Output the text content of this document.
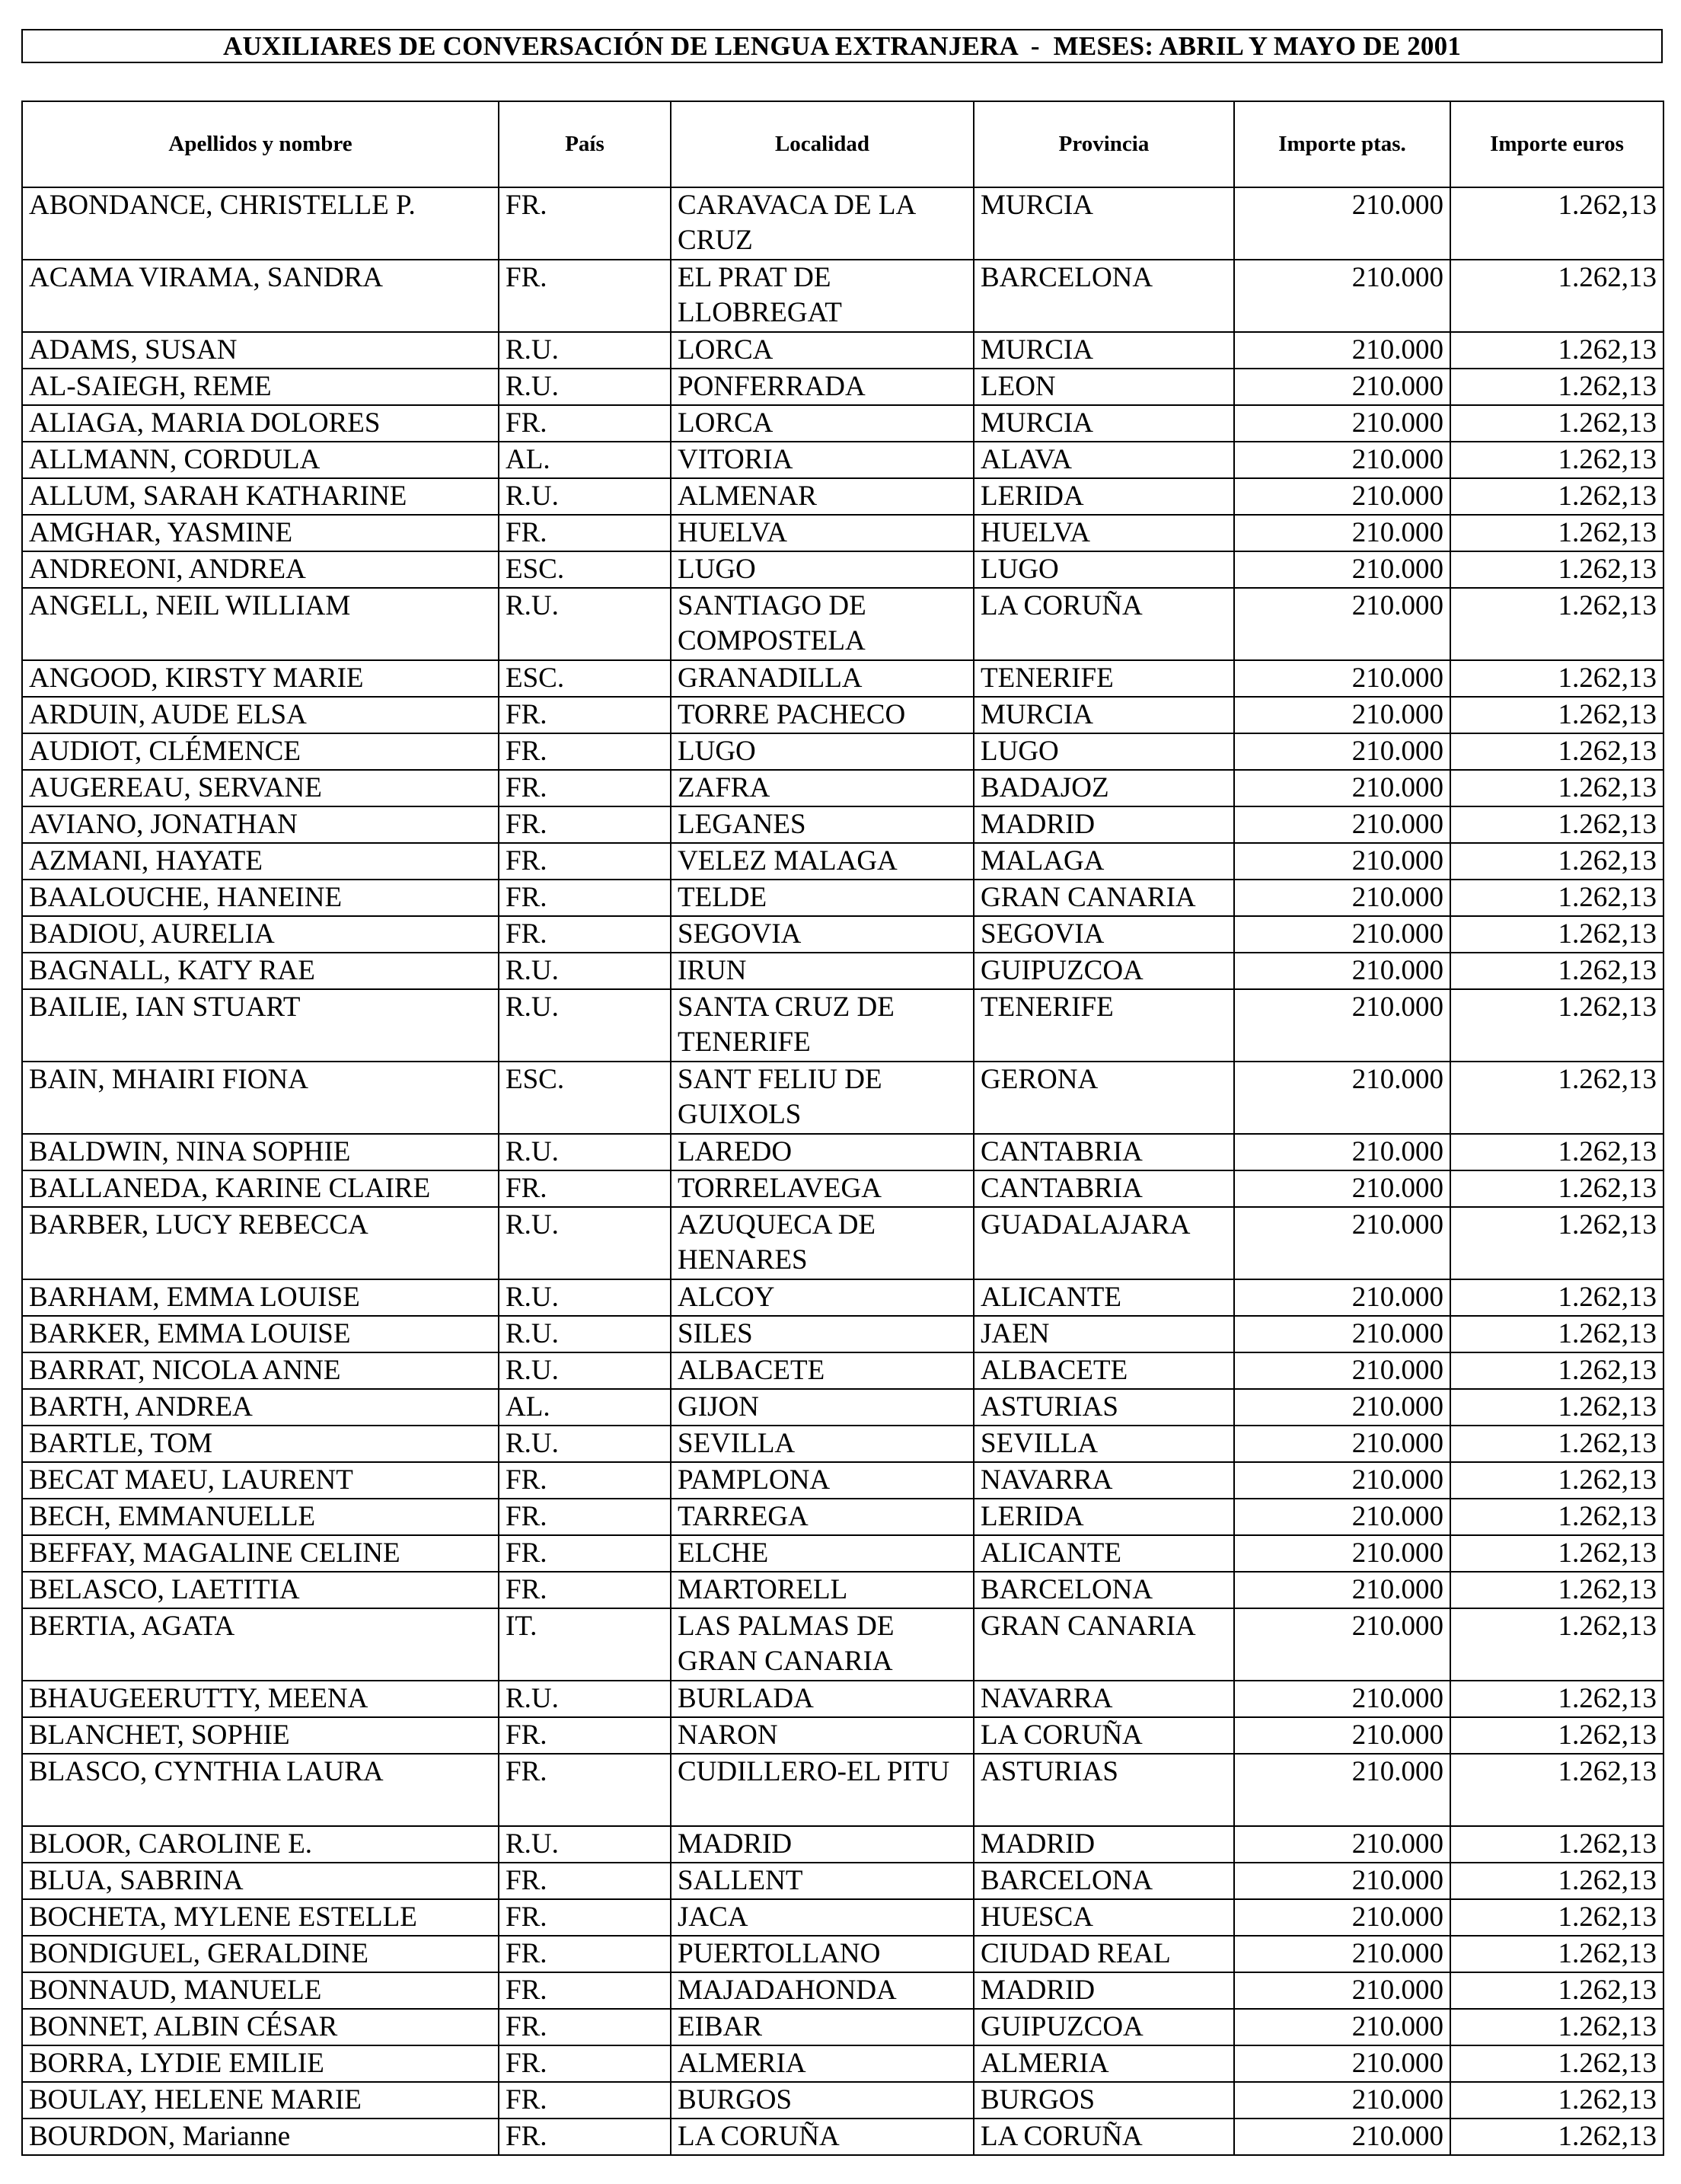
AUXILIARES DE CONVERSACIÓN DE LENGUA EXTRANJERA  -  MESES: ABRIL Y MAYO DE 2001
Apellidos y nombre	País	Localidad	Provincia	Importe ptas.	Importe euros
ABONDANCE, CHRISTELLE P.	FR.	CARAVACA DE LA CRUZ	MURCIA	210.000	1.262,13
ACAMA VIRAMA, SANDRA	FR.	EL PRAT DE LLOBREGAT	BARCELONA	210.000	1.262,13
ADAMS, SUSAN	R.U.	LORCA	MURCIA	210.000	1.262,13
AL-SAIEGH, REME	R.U.	PONFERRADA	LEON	210.000	1.262,13
ALIAGA, MARIA DOLORES	FR.	LORCA	MURCIA	210.000	1.262,13
ALLMANN, CORDULA	AL.	VITORIA	ALAVA	210.000	1.262,13
ALLUM, SARAH KATHARINE	R.U.	ALMENAR	LERIDA	210.000	1.262,13
AMGHAR, YASMINE	FR.	HUELVA	HUELVA	210.000	1.262,13
ANDREONI, ANDREA	ESC.	LUGO	LUGO	210.000	1.262,13
ANGELL, NEIL WILLIAM	R.U.	SANTIAGO DE COMPOSTELA	LA CORUÑA	210.000	1.262,13
ANGOOD, KIRSTY MARIE	ESC.	GRANADILLA	TENERIFE	210.000	1.262,13
ARDUIN, AUDE ELSA	FR.	TORRE PACHECO	MURCIA	210.000	1.262,13
AUDIOT, CLÉMENCE	FR.	LUGO	LUGO	210.000	1.262,13
AUGEREAU, SERVANE	FR.	ZAFRA	BADAJOZ	210.000	1.262,13
AVIANO, JONATHAN	FR.	LEGANES	MADRID	210.000	1.262,13
AZMANI, HAYATE	FR.	VELEZ MALAGA	MALAGA	210.000	1.262,13
BAALOUCHE, HANEINE	FR.	TELDE	GRAN CANARIA	210.000	1.262,13
BADIOU, AURELIA	FR.	SEGOVIA	SEGOVIA	210.000	1.262,13
BAGNALL, KATY RAE	R.U.	IRUN	GUIPUZCOA	210.000	1.262,13
BAILIE, IAN STUART	R.U.	SANTA CRUZ DE TENERIFE	TENERIFE	210.000	1.262,13
BAIN, MHAIRI FIONA	ESC.	SANT FELIU DE GUIXOLS	GERONA	210.000	1.262,13
BALDWIN, NINA SOPHIE	R.U.	LAREDO	CANTABRIA	210.000	1.262,13
BALLANEDA, KARINE CLAIRE	FR.	TORRELAVEGA	CANTABRIA	210.000	1.262,13
BARBER, LUCY REBECCA	R.U.	AZUQUECA DE HENARES	GUADALAJARA	210.000	1.262,13
BARHAM, EMMA LOUISE	R.U.	ALCOY	ALICANTE	210.000	1.262,13
BARKER, EMMA LOUISE	R.U.	SILES	JAEN	210.000	1.262,13
BARRAT, NICOLA ANNE	R.U.	ALBACETE	ALBACETE	210.000	1.262,13
BARTH, ANDREA	AL.	GIJON	ASTURIAS	210.000	1.262,13
BARTLE, TOM	R.U.	SEVILLA	SEVILLA	210.000	1.262,13
BECAT MAEU, LAURENT	FR.	PAMPLONA	NAVARRA	210.000	1.262,13
BECH, EMMANUELLE	FR.	TARREGA	LERIDA	210.000	1.262,13
BEFFAY, MAGALINE CELINE	FR.	ELCHE	ALICANTE	210.000	1.262,13
BELASCO, LAETITIA	FR.	MARTORELL	BARCELONA	210.000	1.262,13
BERTIA, AGATA	IT.	LAS PALMAS DE GRAN CANARIA	GRAN CANARIA	210.000	1.262,13
BHAUGEERUTTY, MEENA	R.U.	BURLADA	NAVARRA	210.000	1.262,13
BLANCHET, SOPHIE	FR.	NARON	LA CORUÑA	210.000	1.262,13
BLASCO, CYNTHIA LAURA	FR.	CUDILLERO-EL PITU	ASTURIAS	210.000	1.262,13
BLOOR, CAROLINE E.	R.U.	MADRID	MADRID	210.000	1.262,13
BLUA, SABRINA	FR.	SALLENT	BARCELONA	210.000	1.262,13
BOCHETA, MYLENE ESTELLE	FR.	JACA	HUESCA	210.000	1.262,13
BONDIGUEL, GERALDINE	FR.	PUERTOLLANO	CIUDAD REAL	210.000	1.262,13
BONNAUD, MANUELE	FR.	MAJADAHONDA	MADRID	210.000	1.262,13
BONNET, ALBIN CÉSAR	FR.	EIBAR	GUIPUZCOA	210.000	1.262,13
BORRA, LYDIE EMILIE	FR.	ALMERIA	ALMERIA	210.000	1.262,13
BOULAY, HELENE MARIE	FR.	BURGOS	BURGOS	210.000	1.262,13
BOURDON, Marianne	FR.	LA CORUÑA	LA CORUÑA	210.000	1.262,13
